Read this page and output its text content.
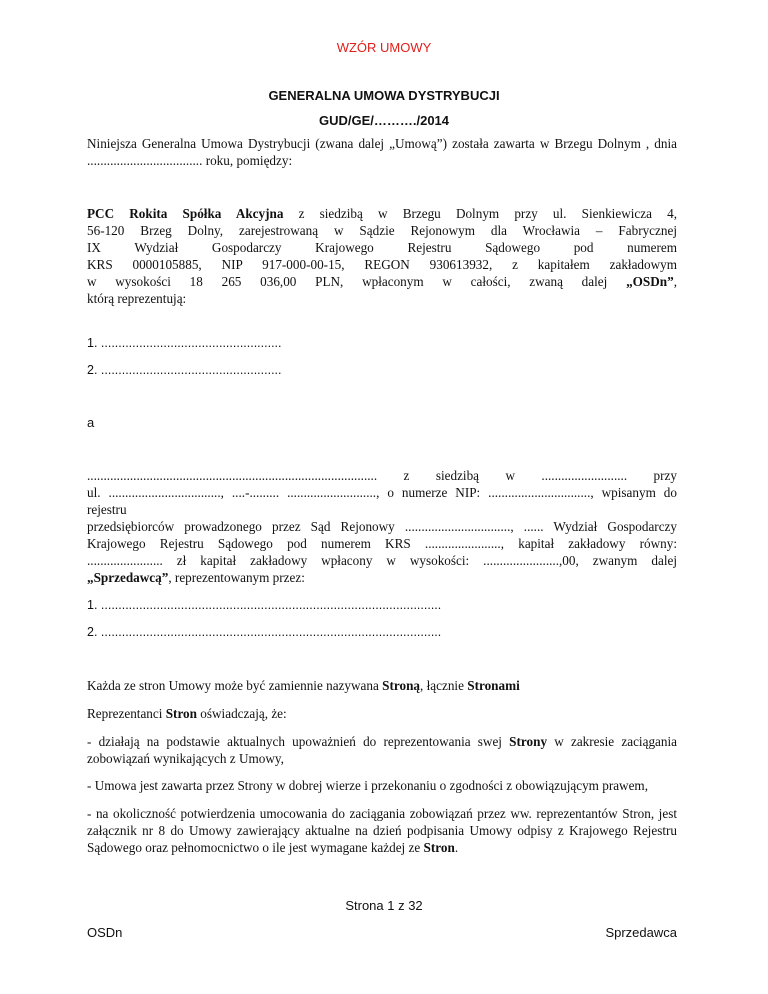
WZÓR UMOWY
GENERALNA UMOWA DYSTRYBUCJI
GUD/GE/………./2014
Niniejsza Generalna Umowa Dystrybucji (zwana dalej „Umową”) została zawarta w Brzegu Dolnym , dnia
................................... roku, pomiędzy:
PCC Rokita Spółka Akcyjna z siedzibą w Brzegu Dolnym przy ul. Sienkiewicza 4,
56-120 Brzeg Dolny, zarejestrowaną w Sądzie Rejonowym dla Wrocławia – Fabrycznej
IX Wydział Gospodarczy Krajowego Rejestru Sądowego pod numerem
KRS 0000105885, NIP 917-000-00-15, REGON 930613932, z kapitałem zakładowym
w wysokości 18 265 036,00 PLN, wpłaconym w całości, zwaną dalej „OSDn”,
którą reprezentują:
1. ....................................................
2. ....................................................
a
........................................................................................ z siedzibą w .......................... przy
ul. .................................., ....-......... ..........................., o numerze NIP: ..............................., wpisanym do rejestru
przedsiębiorców prowadzonego przez Sąd Rejonowy ................................, ...... Wydział Gospodarczy
Krajowego Rejestru Sądowego pod numerem KRS ......................., kapitał zakładowy równy:
....................... zł kapitał zakładowy wpłacony w wysokości: .......................,00, zwanym dalej
„Sprzedawcą”, reprezentowanym przez:
1. ..................................................................................................
2. ..................................................................................................
Każda ze stron Umowy może być zamiennie nazywana Stroną, łącznie Stronami
Reprezentanci Stron oświadczają, że:
- działają na podstawie aktualnych upoważnień do reprezentowania swej Strony w zakresie zaciągania zobowiązań wynikających z Umowy,
- Umowa jest zawarta przez Strony w dobrej wierze i przekonaniu o zgodności z obowiązującym prawem,
- na okoliczność potwierdzenia umocowania do zaciągania zobowiązań przez ww. reprezentantów Stron, jest załącznik nr 8 do Umowy zawierający aktualne na dzień podpisania Umowy odpisy z Krajowego Rejestru Sądowego oraz pełnomocnictwo o ile jest wymagane każdej ze Stron.
Strona 1 z 32
OSDn	Sprzedawca
